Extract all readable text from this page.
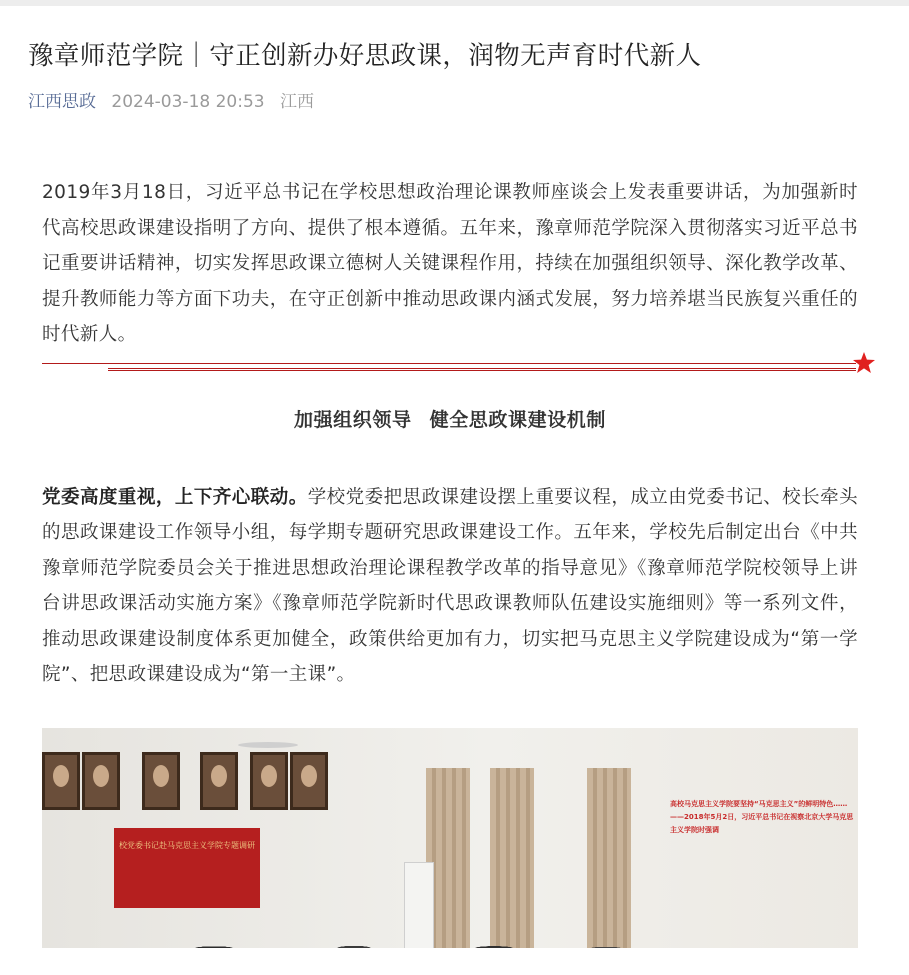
豫章师范学院｜守正创新办好思政课，润物无声育时代新人
江西思政 2024-03-18 20:53 江西
2019年3月18日，习近平总书记在学校思想政治理论课教师座谈会上发表重要讲话，为加强新时代高校思政课建设指明了方向、提供了根本遵循。五年来，豫章师范学院深入贯彻落实习近平总书记重要讲话精神，切实发挥思政课立德树人关键课程作用，持续在加强组织领导、深化教学改革、提升教师能力等方面下功夫，在守正创新中推动思政课内涵式发展，努力培养堪当民族复兴重任的时代新人。
加强组织领导 健全思政课建设机制
党委高度重视，上下齐心联动。学校党委把思政课建设摆上重要议程，成立由党委书记、校长牵头的思政课建设工作领导小组，每学期专题研究思政课建设工作。五年来，学校先后制定出台《中共豫章师范学院委员会关于推进思想政治理论课程教学改革的指导意见》《豫章师范学院校领导上讲台讲思政课活动实施方案》《豫章师范学院新时代思政课教师队伍建设实施细则》等一系列文件，推动思政课建设制度体系更加健全，政策供给更加有力，切实把马克思主义学院建设成为“第一学院”、把思政课建设成为“第一主课”。
校党委书记赴马克思主义学院专题调研
高校马克思主义学院要坚持“马克思主义”的鲜明特色……——2018年5月2日，习近平总书记在视察北京大学马克思主义学院时强调
